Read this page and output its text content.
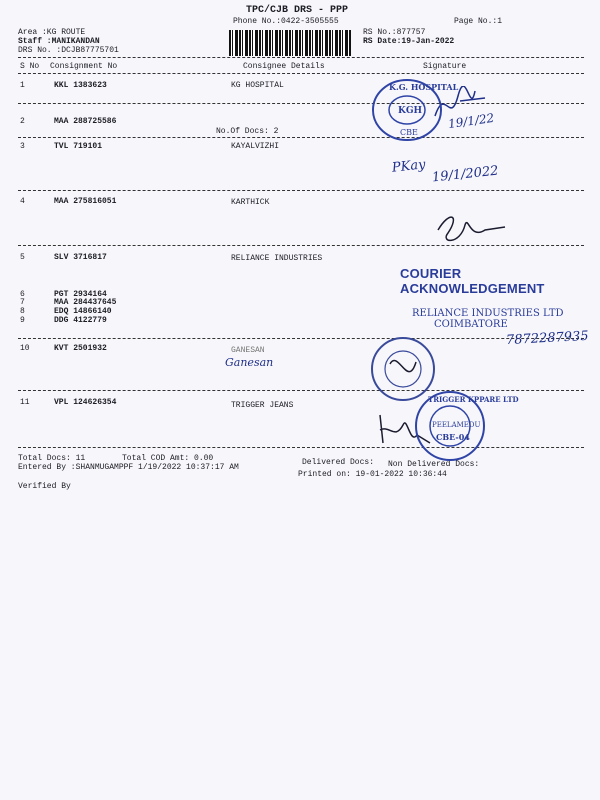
TPC/CJB DRS - PPP
Phone No.:0422-3505555	Page No.:1
Area :KG ROUTE
Staff :MANIKANDAN
DRS No. :DCJB87775701
RS No.:877757
RS Date:19-Jan-2022
S No Consignment No	Consignee Details	Signature
1	KKL 1383623	KG HOSPITAL
2	MAA 288725586
No.Of Docs: 2
3	TVL 719101	KAYALVIZHI
4	MAA 275816051	KARTHICK
5	SLV 3716817	RELIANCE INDUSTRIES
6	PGT 2934164
7	MAA 284437645
8	EDQ 14866140
9	DDG 4122779
10	KVT 2501932	GANESAN
11	VPL 124626354	TRIGGER JEANS
Total Docs: 11	Total COD Amt: 0.00	Delivered Docs: Non Delivered Docs:
Entered By :SHANMUGAMPPF 1/19/2022 10:37:17 AM
Printed on: 19-01-2022 10:36:44
Verified By
19/1/22
PKay 19/1/2022
Ganesan
7872287935
K.G. HOSPITAL
KGH
CBE
COURIER ACKNOWLEDGEMENT
RELIANCE INDUSTRIES LTD
COIMBATORE
TRIGGER KPPARE LTD
PEELAMEDU
CBE-04
